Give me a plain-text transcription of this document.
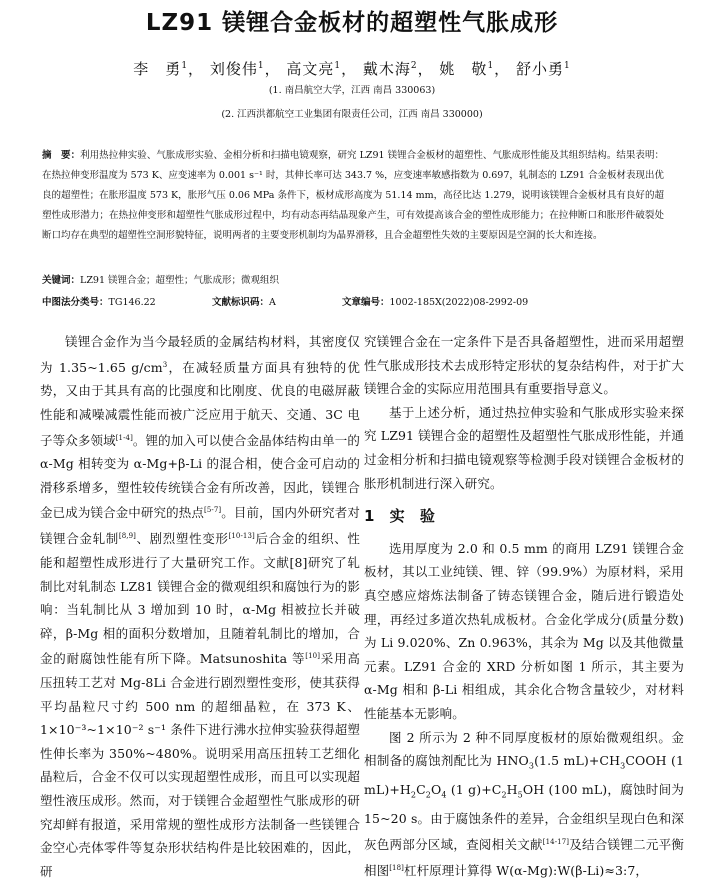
LZ91 镁锂合金板材的超塑性气胀成形
李　勇$^1$， 刘俊伟$^1$， 高文亮$^1$， 戴木海$^2$， 姚　敬$^1$， 舒小勇$^1$
(1. 南昌航空大学，江西 南昌 330063)
(2. 江西洪都航空工业集团有限责任公司，江西 南昌 330000)
摘　要：利用热拉伸实验、气胀成形实验、金相分析和扫描电镜观察，研究 LZ91 镁锂合金板材的超塑性、气胀成形性能及其组织结构。结果表明：在热拉伸变形温度为 573 K、应变速率为 0.001 s⁻¹ 时，其伸长率可达 343.7 %，应变速率敏感指数为 0.697，轧制态的 LZ91 合金板材表现出优良的超塑性；在胀形温度 573 K，胀形气压 0.06 MPa 条件下，板材成形高度为 51.14 mm，高径比达 1.279，说明该镁锂合金板材具有良好的超塑性成形潜力；在热拉伸变形和超塑性气胀成形过程中，均有动态再结晶现象产生，可有效提高该合金的塑性成形能力；在拉伸断口和胀形件破裂处断口均存在典型的超塑性空洞形貌特征，说明两者的主要变形机制均为晶界滑移，且合金超塑性失效的主要原因是空洞的长大和连接。
关键词：LZ91 镁锂合金；超塑性；气胀成形；微观组织
中图法分类号：TG146.22	文献标识码：A	文章编号：1002-185X(2022)08-2992-09

镁锂合金作为当今最轻质的金属结构材料，其密度仅为 1.35~1.65 $g/cm^3$，在减轻质量方面具有独特的优势，又由于其具有高的比强度和比刚度、优良的电磁屏蔽性能和减噪减震性能而被广泛应用于航天、交通、3C 电子等众多领域[1-4]。锂的加入可以使合金晶体结构由单一的 α-Mg 相转变为 α-Mg+β-Li 的混合相，使合金可启动的滑移系增多，塑性较传统镁合金有所改善，因此，镁锂合金已成为镁合金中研究的热点[5-7]。目前，国内外研究者对镁锂合金轧制[8,9]、剧烈塑性变形[10-13]后合金的组织、性能和超塑性成形进行了大量研究工作。文献[8]研究了轧制比对轧制态 LZ81 镁锂合金的微观组织和腐蚀行为的影响：当轧制比从 3 增加到 10 时，α-Mg 相被拉长并破碎，β-Mg 相的面积分数增加，且随着轧制比的增加，合金的耐腐蚀性能有所下降。Matsunoshita 等[10]采用高压扭转工艺对 Mg-8Li 合金进行剧烈塑性变形，使其获得平均晶粒尺寸约 500 nm 的超细晶粒，在 373 K、1×10⁻³~1×10⁻² s⁻¹ 条件下进行沸水拉伸实验获得超塑性伸长率为 350%~480%。说明采用高压扭转工艺细化晶粒后，合金不仅可以实现超塑性成形，而且可以实现超塑性液压成形。然而，对于镁锂合金超塑性气胀成形的研究却鲜有报道，采用常规的塑性成形方法制备一些镁锂合金空心壳体零件等复杂形状结构件是比较困难的，因此，研

究镁锂合金在一定条件下是否具备超塑性，进而采用超塑性气胀成形技术去成形特定形状的复杂结构件，对于扩大镁锂合金的实际应用范围具有重要指导意义。

基于上述分析，通过热拉伸实验和气胀成形实验来探究 LZ91 镁锂合金的超塑性及超塑性气胀成形性能，并通过金相分析和扫描电镜观察等检测手段对镁锂合金板材的胀形机制进行深入研究。

1　实　验

选用厚度为 2.0 和 0.5 mm 的商用 LZ91 镁锂合金板材，其以工业纯镁、锂、锌（99.9%）为原材料，采用真空感应熔炼法制备了铸态镁锂合金，随后进行锻造处理，再经过多道次热轧成板材。合金化学成分(质量分数)为 Li 9.020%、Zn 0.963%，其余为 Mg 以及其他微量元素。LZ91 合金的 XRD 分析如图 1 所示，其主要为 α-Mg 相和 β-Li 相组成，其余化合物含量较少，对材料性能基本无影响。

图 2 所示为 2 种不同厚度板材的原始微观组织。金相制备的腐蚀剂配比为 $HNO_3(1.5$ $mL)+CH_3COOH$ (1 $mL)+H_2C_2O_4$ (1 $g)+C_2H_5OH$ (100 mL)，腐蚀时间为 15~20 s。由于腐蚀条件的差异，合金组织呈现白色和深灰色两部分区域，查阅相关文献[14-17]及结合镁锂二元平衡相图[18]杠杆原理计算得 W(α-Mg):W(β-Li)≈3:7，
